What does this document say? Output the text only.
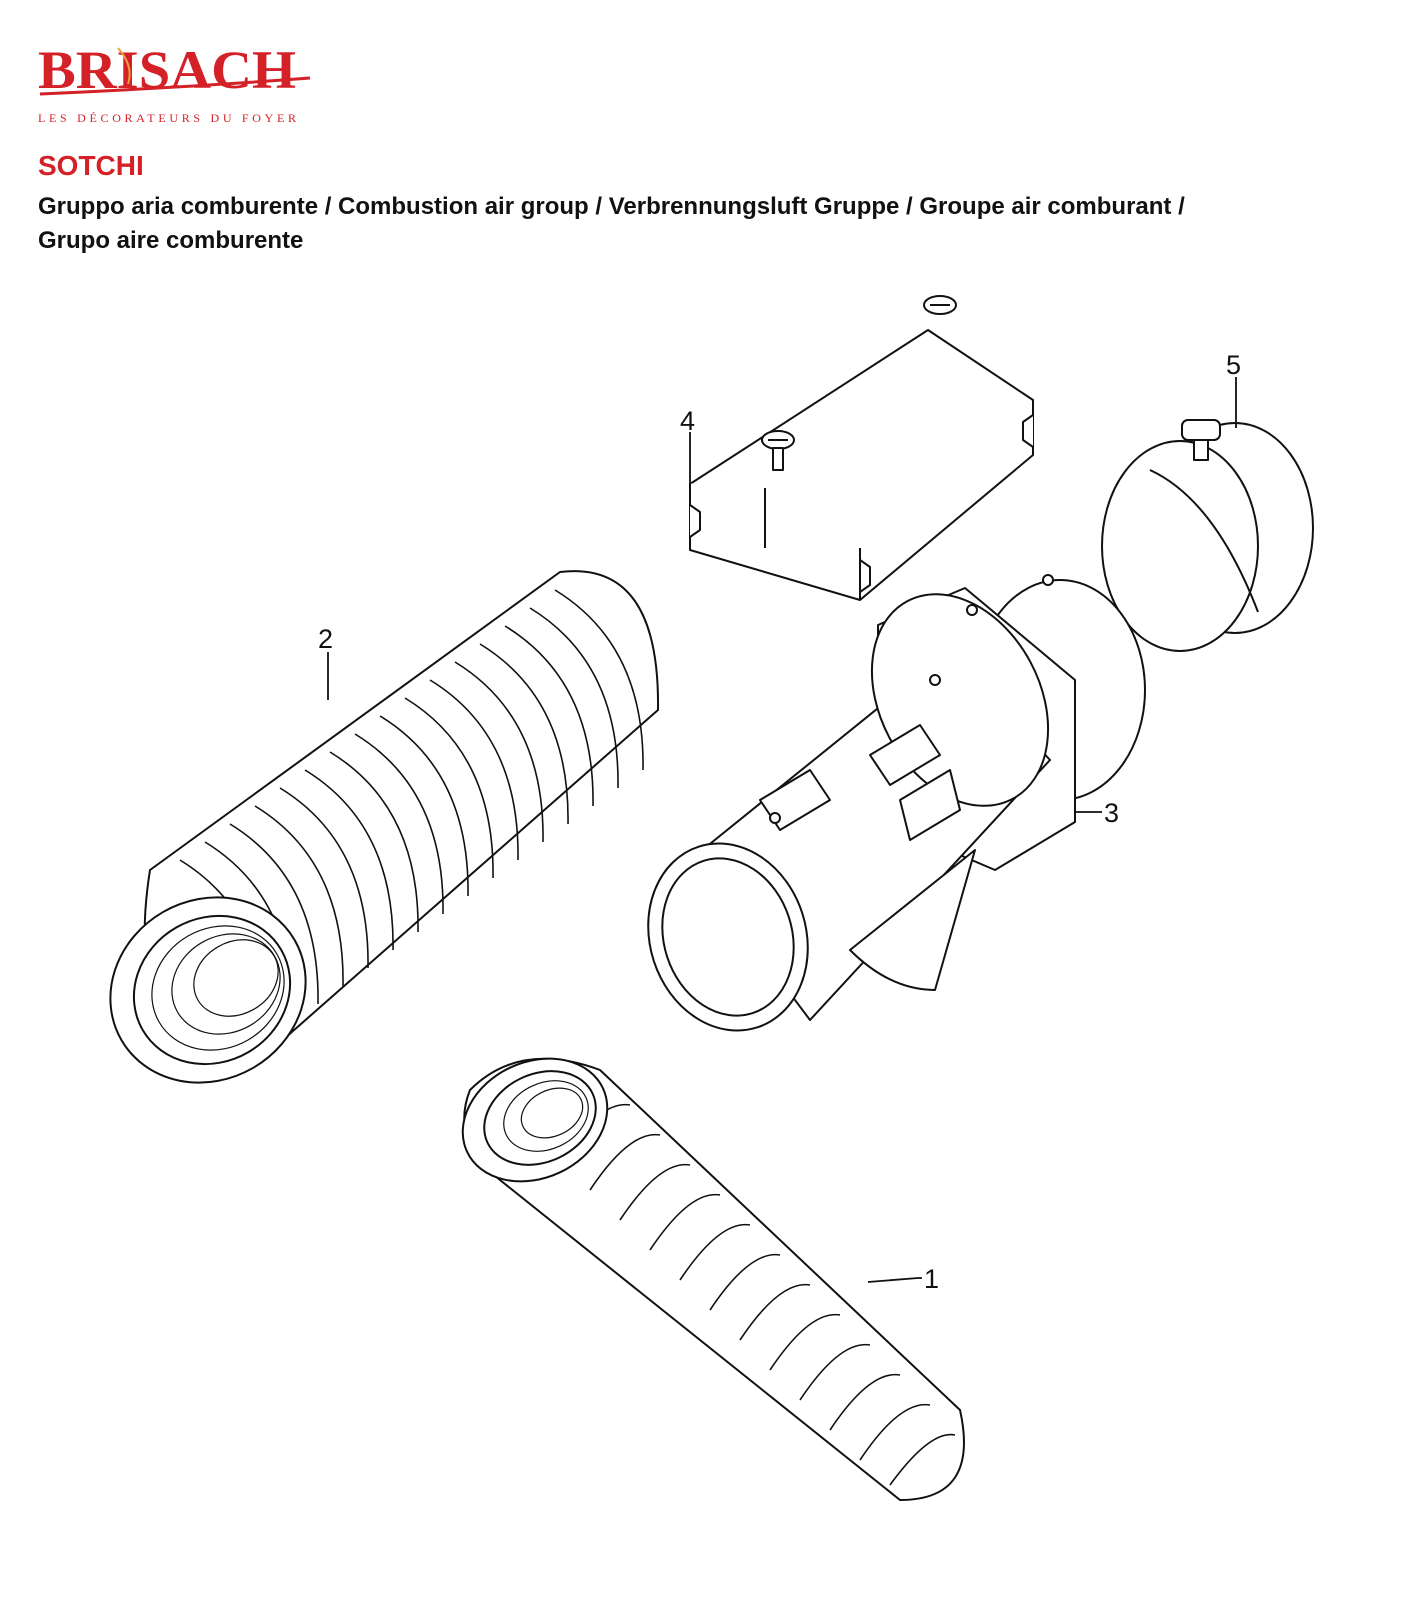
BRISACH
LES DÉCORATEURS DU FOYER
SOTCHI
Gruppo aria comburente / Combustion air group / Verbrennungsluft Gruppe / Groupe air comburant /
Grupo aire comburente
1
2
3
4
5
